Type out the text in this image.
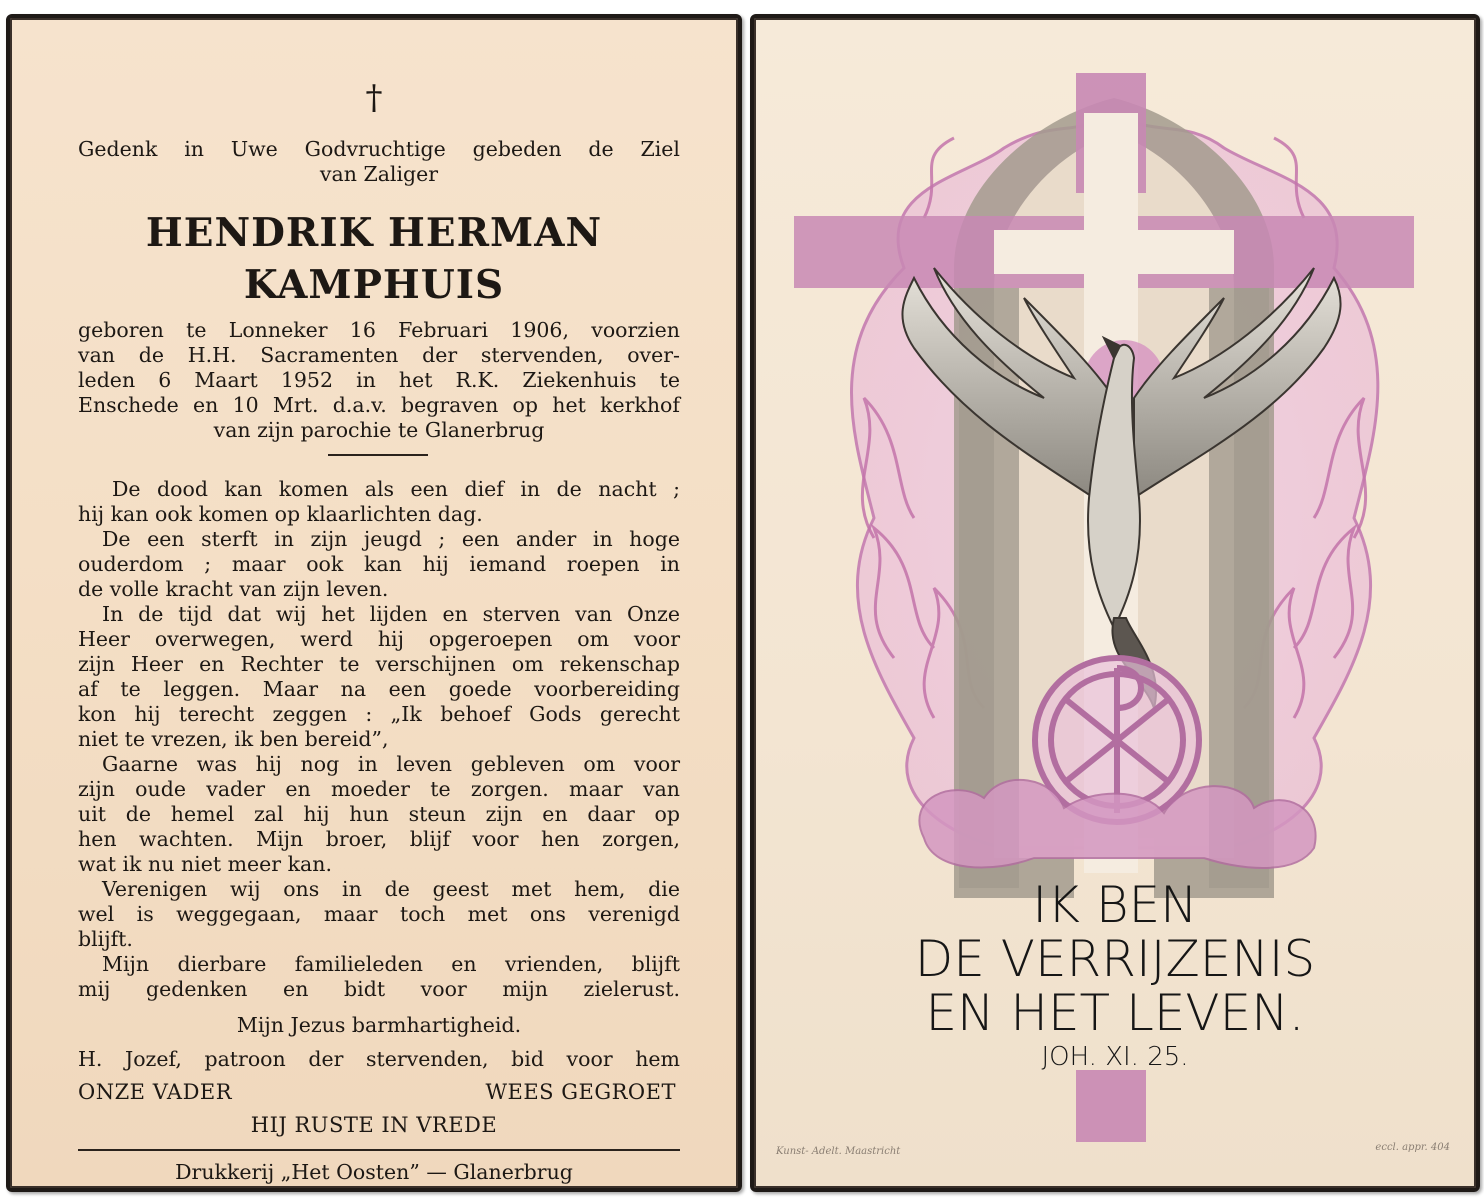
†
Gedenk in Uwe Godvruchtige gebeden de Ziel
van Zaliger
HENDRIK HERMAN
KAMPHUIS
geboren te Lonneker 16 Februari 1906, voorzien
van de H.H. Sacramenten der stervenden, over-
leden 6 Maart 1952 in het R.K. Ziekenhuis te
Enschede en 10 Mrt. d.a.v. begraven op het kerkhof
van zijn parochie te Glanerbrug
De dood kan komen als een dief in de nacht ;
hij kan ook komen op klaarlichten dag.
De een sterft in zijn jeugd ; een ander in hoge
ouderdom ; maar ook kan hij iemand roepen in
de volle kracht van zijn leven.
In de tijd dat wij het lijden en sterven van Onze
Heer overwegen, werd hij opgeroepen om voor
zijn Heer en Rechter te verschijnen om rekenschap
af te leggen. Maar na een goede voorbereiding
kon hij terecht zeggen : „Ik behoef Gods gerecht
niet te vrezen, ik ben bereid”,
Gaarne was hij nog in leven gebleven om voor
zijn oude vader en moeder te zorgen. maar van
uit de hemel zal hij hun steun zijn en daar op
hen wachten. Mijn broer, blijf voor hen zorgen,
wat ik nu niet meer kan.
Verenigen wij ons in de geest met hem, die
wel is weggegaan, maar toch met ons verenigd
blijft.
Mijn dierbare familieleden en vrienden, blijft
mij gedenken en bidt voor mijn zielerust.
Mijn Jezus barmhartigheid.
H. Jozef, patroon der stervenden, bid voor hem
ONZE VADER	WEES GEGROET
HIJ RUSTE IN VREDE
Drukkerij „Het Oosten” — Glanerbrug
IK BEN
DE VERRIJZENIS
EN HET LEVEN.
JOH. XI. 25.
Kunst- Adelt. Maastricht	eccl. appr. 404
